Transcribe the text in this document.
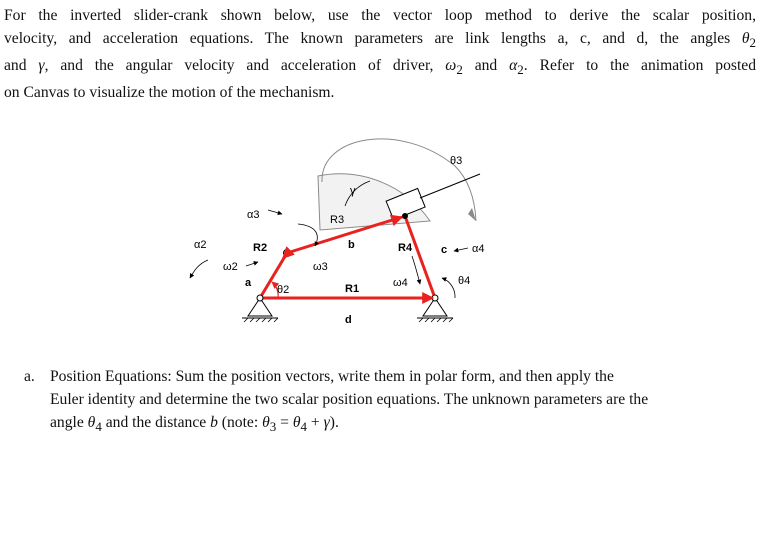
For the inverted slider-crank shown below, use the vector loop method to derive the scalar position,
velocity, and acceleration equations. The known parameters are link lengths a, c, and d, the angles $\theta_2$
and γ, and the angular velocity and acceleration of driver, $\omega_2$ and $\alpha_2$. Refer to the animation posted
on Canvas to visualize the motion of the mechanism.
θ3
γ
R3
α3
α2	R2	b	R4	c α4
ω2	ω3
ω4	θ4
a
θ2	R1
d
a. Position Equations: Sum the position vectors, write them in polar form, and then apply the
Euler identity and determine the two scalar position equations. The unknown parameters are the
angle $\theta_4$ and the distance b (note: $\theta_3 = \theta_4 + \gamma$).
